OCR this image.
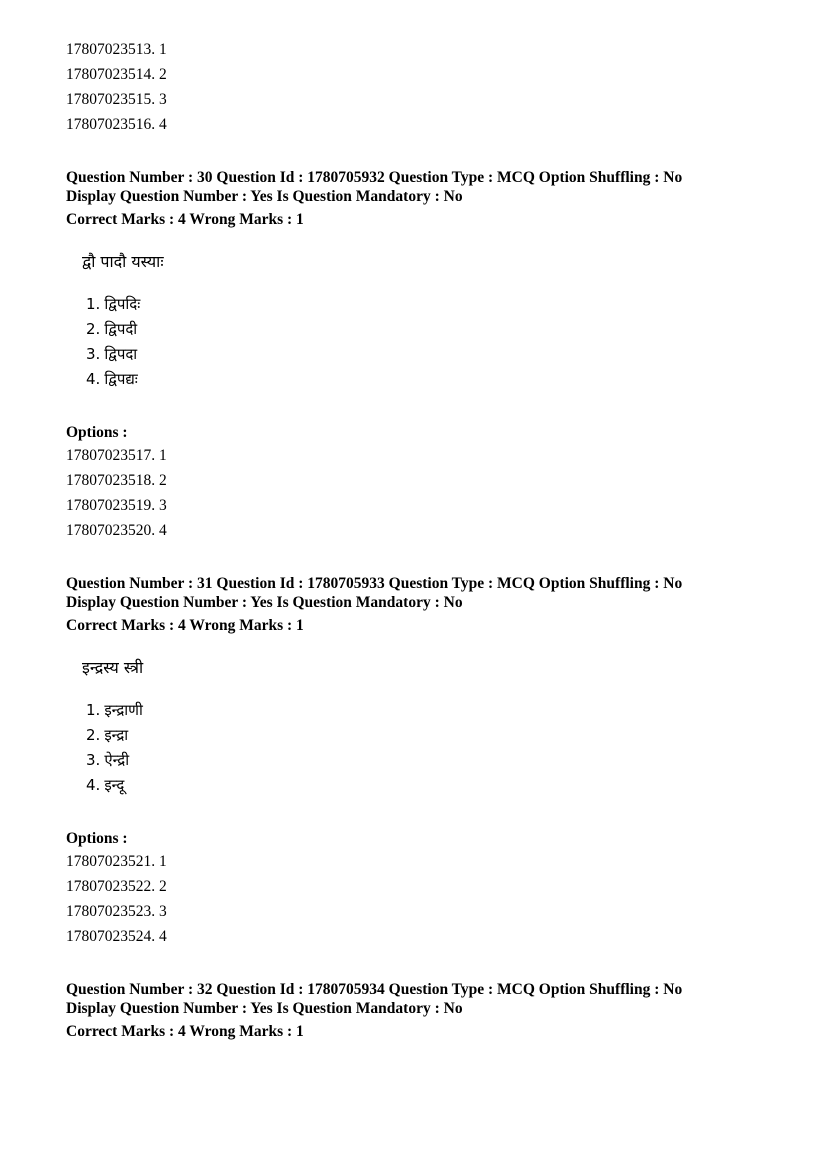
17807023513. 1
17807023514. 2
17807023515. 3
17807023516. 4
Question Number : 30 Question Id : 1780705932 Question Type : MCQ Option Shuffling : No
Display Question Number : Yes Is Question Mandatory : No
Correct Marks : 4 Wrong Marks : 1
द्वौ पादौ यस्याः
1. द्विपदिः
2. द्विपदी
3. द्विपदा
4. द्विपद्यः
Options :
17807023517. 1
17807023518. 2
17807023519. 3
17807023520. 4
Question Number : 31 Question Id : 1780705933 Question Type : MCQ Option Shuffling : No
Display Question Number : Yes Is Question Mandatory : No
Correct Marks : 4 Wrong Marks : 1
इन्द्रस्य स्त्री
1. इन्द्राणी
2. इन्द्रा
3. ऐन्द्री
4. इन्दू
Options :
17807023521. 1
17807023522. 2
17807023523. 3
17807023524. 4
Question Number : 32 Question Id : 1780705934 Question Type : MCQ Option Shuffling : No
Display Question Number : Yes Is Question Mandatory : No
Correct Marks : 4 Wrong Marks : 1
